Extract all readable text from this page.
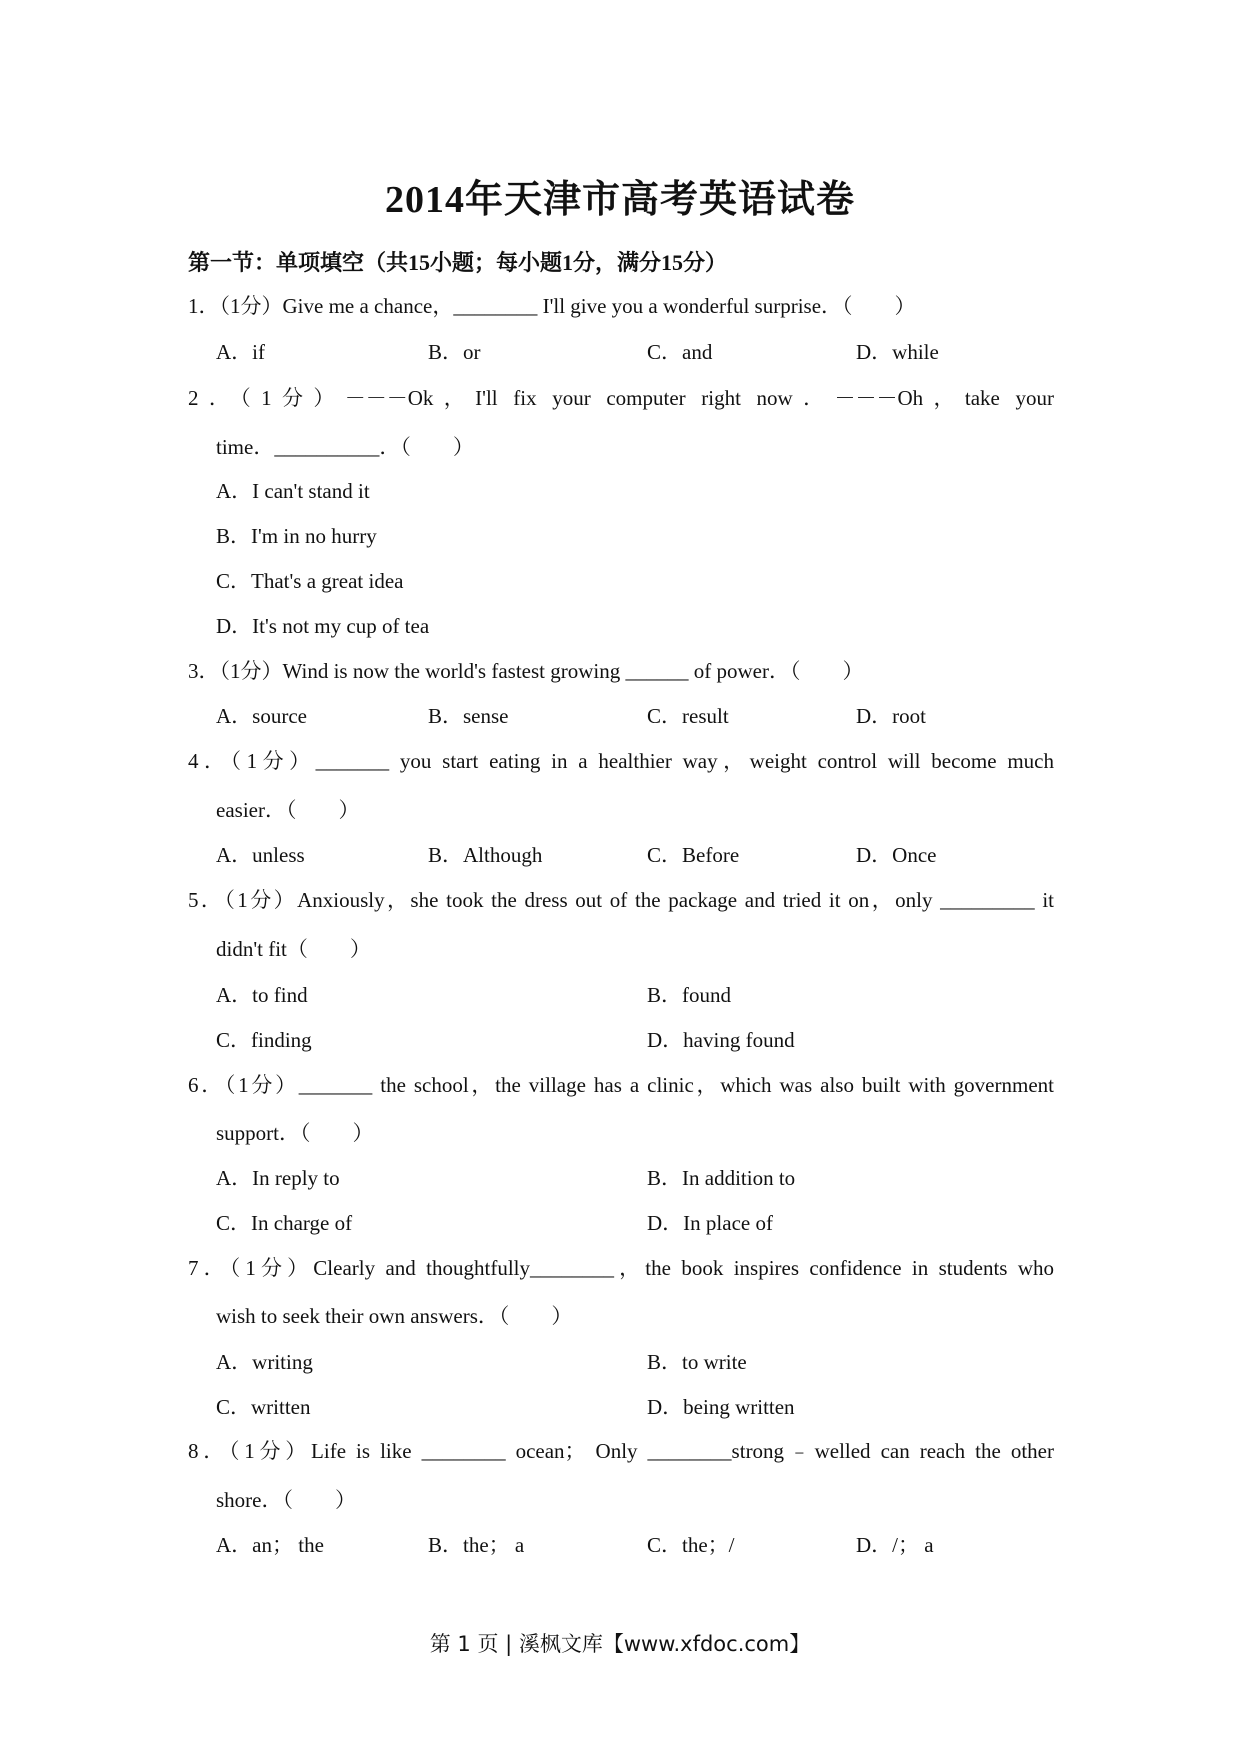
2014年天津市高考英语试卷
第一节：单项填空（共15小题；每小题1分，满分15分）
1．（1分）Give me a chance，________ I'll give you a wonderful surprise．（　　）
A．if	B．or	C．and	D．while
2．（1分）－－－Ok，I'll fix your computer right now．－－－Oh，take your
time．__________．（　　）
A．I can't stand it
B．I'm in no hurry
C．That's a great idea
D．It's not my cup of tea
3．（1分）Wind is now the world's fastest growing ______ of power．（　　）
A．source	B．sense	C．result	D．root
4．（1分）_______ you start eating in a healthier way，weight control will become much
easier．（　　）
A．unless	B．Although	C．Before	D．Once
5．（1分）Anxiously，she took the dress out of the package and tried it on，only _________ it
didn't fit（　　）
A．to find	B．found
C．finding	D．having found
6．（1分）_______ the school，the village has a clinic，which was also built with government
support．（　　）
A．In reply to	B．In addition to
C．In charge of	D．In place of
7．（1分）Clearly and thoughtfully________，the book inspires confidence in students who
wish to seek their own answers．（　　）
A．writing	B．to write
C．written	D．being written
8．（1分）Life is like ________ ocean； Only ________strong﹣welled can reach the other
shore．（　　）
A．an； the	B．the； a	C．the；/	D．/； a
第 1 页 | 溪枫文库【www.xfdoc.com】
